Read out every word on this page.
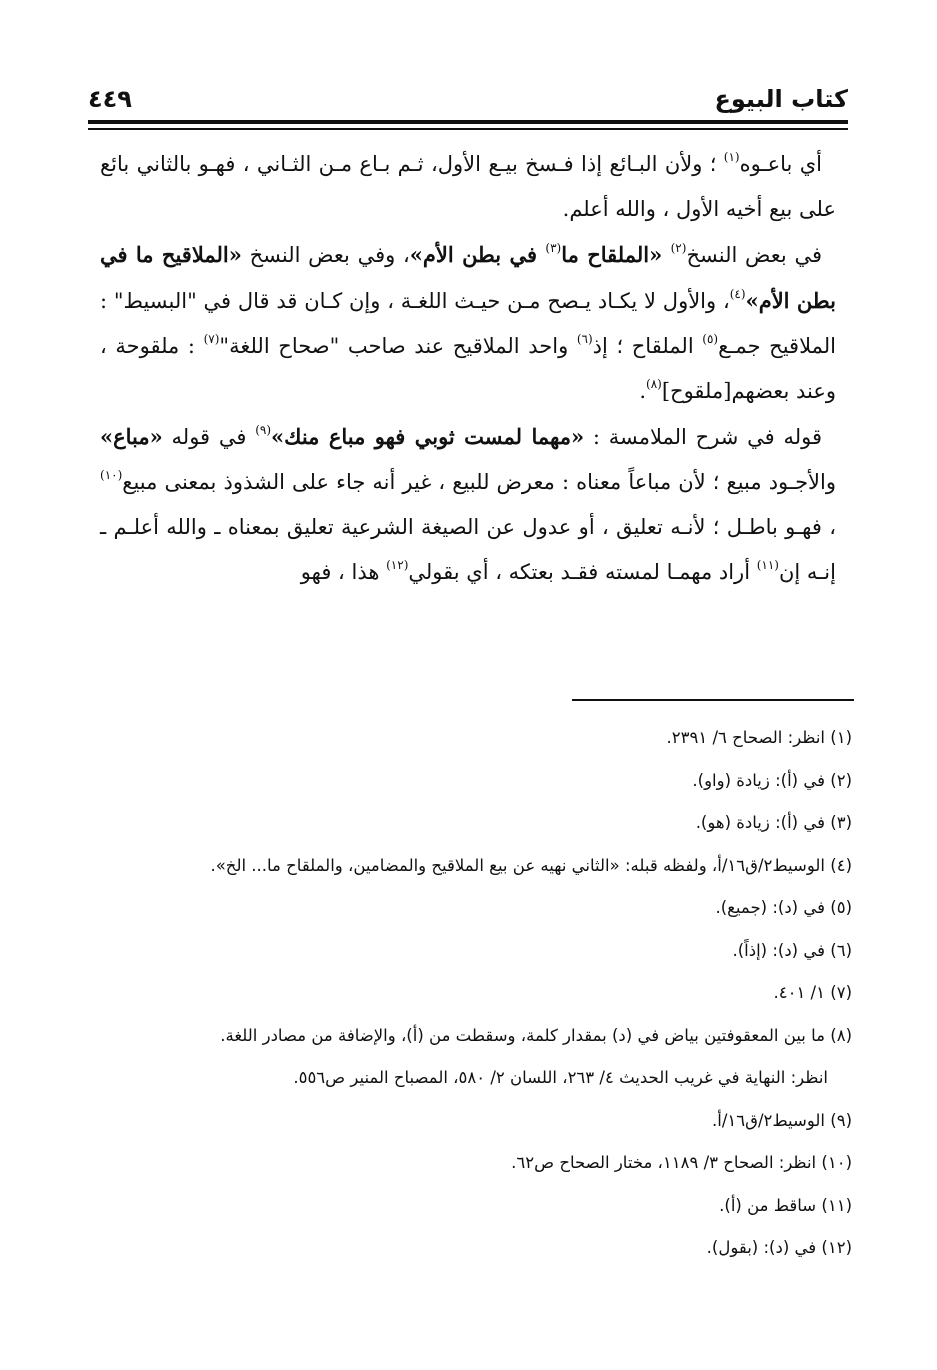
كتاب البيوع
٤٤٩

أي باعـوه$^{(١)}$ ؛ ولأن البـائع إذا فـسخ بيـع الأول، ثـم بـاع مـن الثـاني ، فهـو بالثاني بائع على بيع أخيه الأول ، والله أعلم.

في بعض النسخ$^{(٢)}$ «الملقاح ما$^{(٣)}$ في بطن الأم»، وفي بعض النسخ «الملاقيح ما في بطن الأم»$^{(٤)}$، والأول لا يكـاد يـصح مـن حيـث اللغـة ، وإن كـان قد قال في "البسيط" : الملاقيح جمـع$^{(٥)}$ الملقاح ؛ إذ$^{(٦)}$ واحد الملاقيح عند صاحب "صحاح اللغة"$^{(٧)}$ : ملقوحة ، وعند بعضهم[ملقوح]$^{(٨)}$.

قوله في شرح الملامسة : «مهما لمست ثوبي فهو مباع منك»$^{(٩)}$ في قوله «مباع» والأجـود مبيع ؛ لأن مباعاً معناه : معرض للبيع ، غير أنه جاء على الشذوذ بمعنى مبيع$^{(١٠)}$ ، فهـو باطـل ؛ لأنـه تعليق ، أو عدول عن الصيغة الشرعية تعليق بمعناه ـ والله أعلـم ـ إنـه إن$^{(١١)}$ أراد مهمـا لمسته فقـد بعتكه ، أي بقولي$^{(١٢)}$ هذا ، فهو

(١) انظر: الصحاح ٦/ ٢٣٩١.
(٢) في (أ): زيادة (واو).
(٣) في (أ): زيادة (هو).
(٤) الوسيط٢/ق١٦/أ، ولفظه قبله: «الثاني نهيه عن بيع الملاقيح والمضامين، والملقاح ما... الخ».
(٥) في (د): (جميع).
(٦) في (د): (إذاً).
(٧) ١/ ٤٠١.
(٨) ما بين المعقوفتين بياض في (د) بمقدار كلمة، وسقطت من (أ)، والإضافة من مصادر اللغة.
انظر: النهاية في غريب الحديث ٤/ ٢٦٣، اللسان ٢/ ٥٨٠، المصباح المنير ص٥٥٦.
(٩) الوسيط٢/ق١٦/أ.
(١٠) انظر: الصحاح ٣/ ١١٨٩، مختار الصحاح ص٦٢.
(١١) ساقط من (أ).
(١٢) في (د): (بقول).
